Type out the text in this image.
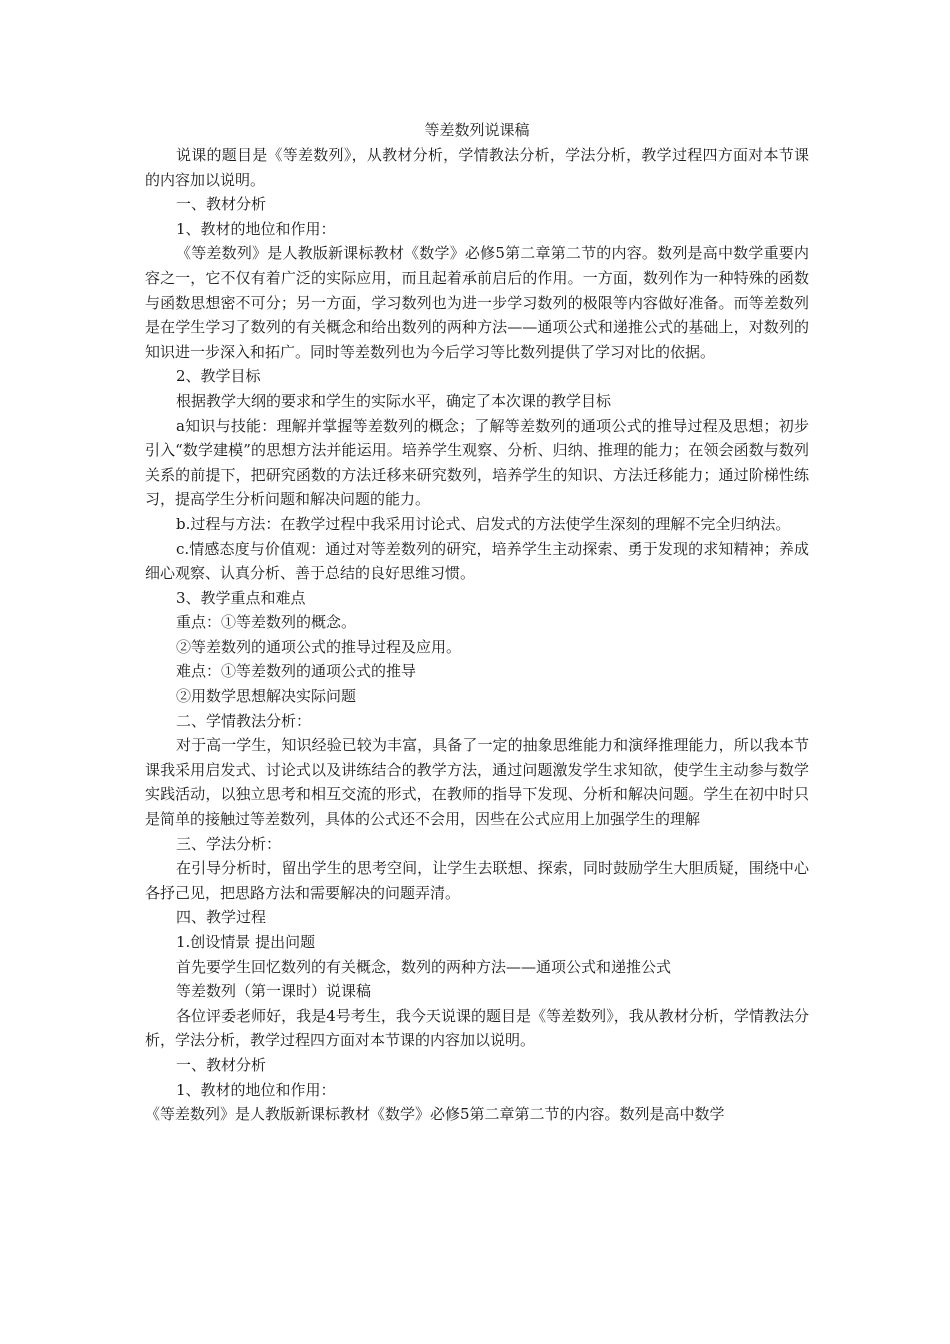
等差数列说课稿

说课的题目是《等差数列》，从教材分析，学情教法分析，学法分析，教学过程四方面对本节课的内容加以说明。

一、教材分析

1、教材的地位和作用：

《等差数列》是人教版新课标教材《数学》必修5第二章第二节的内容。数列是高中数学重要内容之一，它不仅有着广泛的实际应用，而且起着承前启后的作用。一方面，数列作为一种特殊的函数与函数思想密不可分；另一方面，学习数列也为进一步学习数列的极限等内容做好准备。而等差数列是在学生学习了数列的有关概念和给出数列的两种方法——通项公式和递推公式的基础上，对数列的知识进一步深入和拓广。同时等差数列也为今后学习等比数列提供了学习对比的依据。

2、教学目标

根据教学大纲的要求和学生的实际水平，确定了本次课的教学目标

a知识与技能：理解并掌握等差数列的概念；了解等差数列的通项公式的推导过程及思想；初步引入“数学建模”的思想方法并能运用。培养学生观察、分析、归纳、推理的能力；在领会函数与数列关系的前提下，把研究函数的方法迁移来研究数列，培养学生的知识、方法迁移能力；通过阶梯性练习，提高学生分析问题和解决问题的能力。

b.过程与方法：在教学过程中我采用讨论式、启发式的方法使学生深刻的理解不完全归纳法。

c.情感态度与价值观：通过对等差数列的研究，培养学生主动探索、勇于发现的求知精神；养成细心观察、认真分析、善于总结的良好思维习惯。

3、教学重点和难点

重点：①等差数列的概念。

②等差数列的通项公式的推导过程及应用。

难点：①等差数列的通项公式的推导

②用数学思想解决实际问题

二、学情教法分析：

对于高一学生，知识经验已较为丰富，具备了一定的抽象思维能力和演绎推理能力，所以我本节课我采用启发式、讨论式以及讲练结合的教学方法，通过问题激发学生求知欲，使学生主动参与数学实践活动，以独立思考和相互交流的形式，在教师的指导下发现、分析和解决问题。学生在初中时只是简单的接触过等差数列，具体的公式还不会用，因些在公式应用上加强学生的理解

三、学法分析：

在引导分析时，留出学生的思考空间，让学生去联想、探索，同时鼓励学生大胆质疑，围绕中心各抒己见，把思路方法和需要解决的问题弄清。

四、教学过程

1.创设情景 提出问题

首先要学生回忆数列的有关概念，数列的两种方法——通项公式和递推公式

等差数列（第一课时）说课稿

各位评委老师好，我是4号考生，我今天说课的题目是《等差数列》，我从教材分析，学情教法分析，学法分析，教学过程四方面对本节课的内容加以说明。

一、教材分析

1、教材的地位和作用：

《等差数列》是人教版新课标教材《数学》必修5第二章第二节的内容。数列是高中数学
